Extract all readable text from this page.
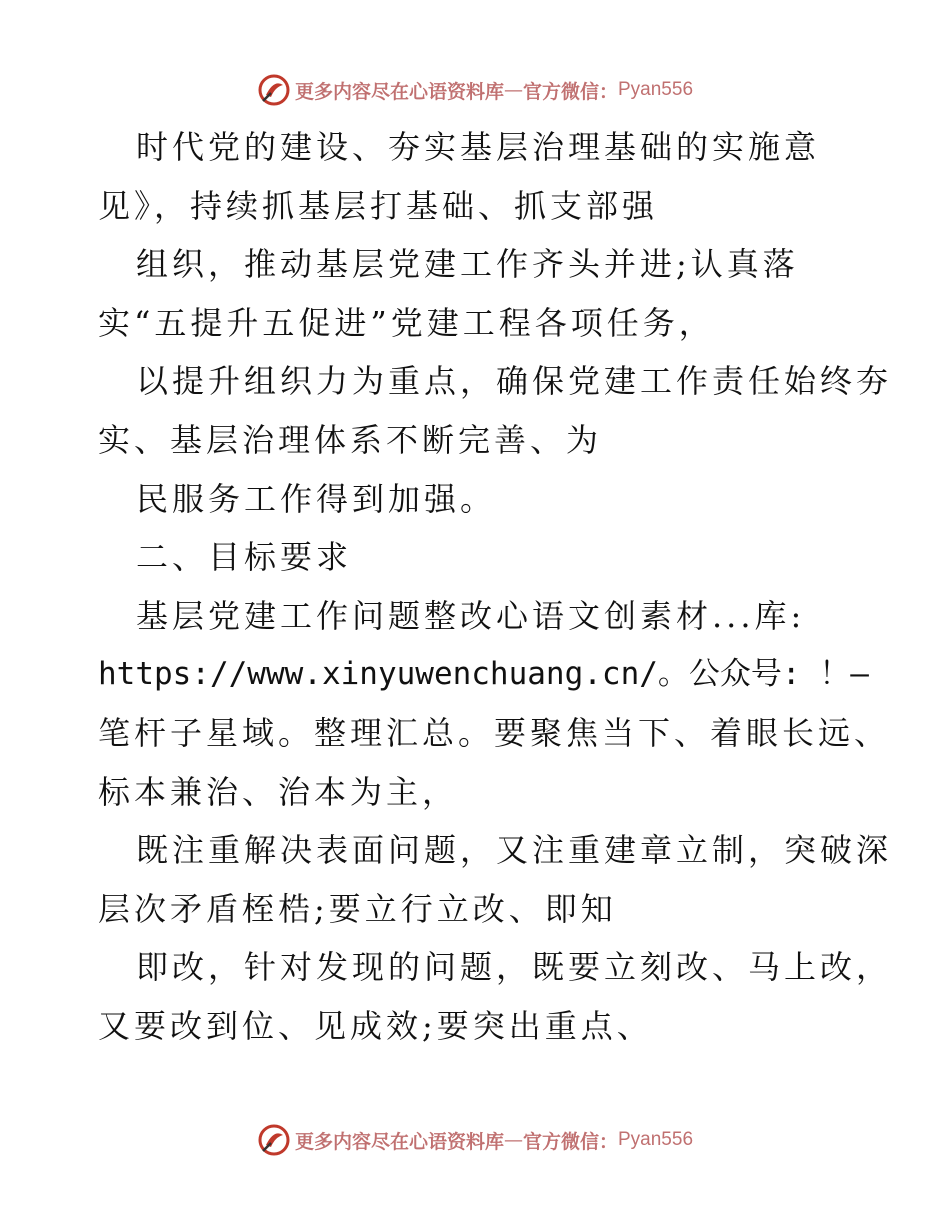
更多内容尽在心语资料库 — 官方微信： Pyan556
时代党的建设、夯实基层治理基础的实施意
见》，持续抓基层打基础、抓支部强
组织，推动基层党建工作齐头并进;认真落
实“五提升五促进”党建工程各项任务，
以提升组织力为重点，确保党建工作责任始终夯
实、基层治理体系不断完善、为
民服务工作得到加强。
二、目标要求
基层党建工作问题整改心语文创素材...库:
https://www.xinyuwenchuang.cn/。公众号: ！—
笔杆子星域。整理汇总。要聚焦当下、着眼长远、
标本兼治、治本为主，
既注重解决表面问题，又注重建章立制，突破深
层次矛盾桎梏;要立行立改、即知
即改，针对发现的问题，既要立刻改、马上改，
又要改到位、见成效;要突出重点、
更多内容尽在心语资料库 — 官方微信： Pyan556
